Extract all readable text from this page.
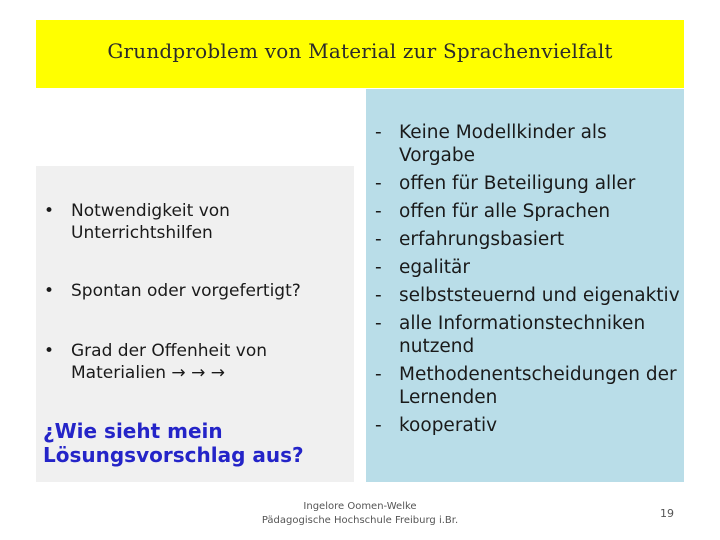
Grundproblem von Material zur Sprachenvielfalt
• Notwendigkeit von Unterrichtshilfen
• Spontan oder vorgefertigt?
• Grad der Offenheit von Materialien → → →
¿Wie sieht mein Lösungsvorschlag aus?
- Keine Modellkinder als Vorgabe
- offen für Beteiligung aller
- offen für alle Sprachen
- erfahrungsbasiert
- egalitär
- selbststeuernd und eigenaktiv
- alle Informationstechniken nutzend
- Methodenentscheidungen der Lernenden
- kooperativ
Ingelore Oomen-Welke
Pädagogische Hochschule Freiburg i.Br.
19
